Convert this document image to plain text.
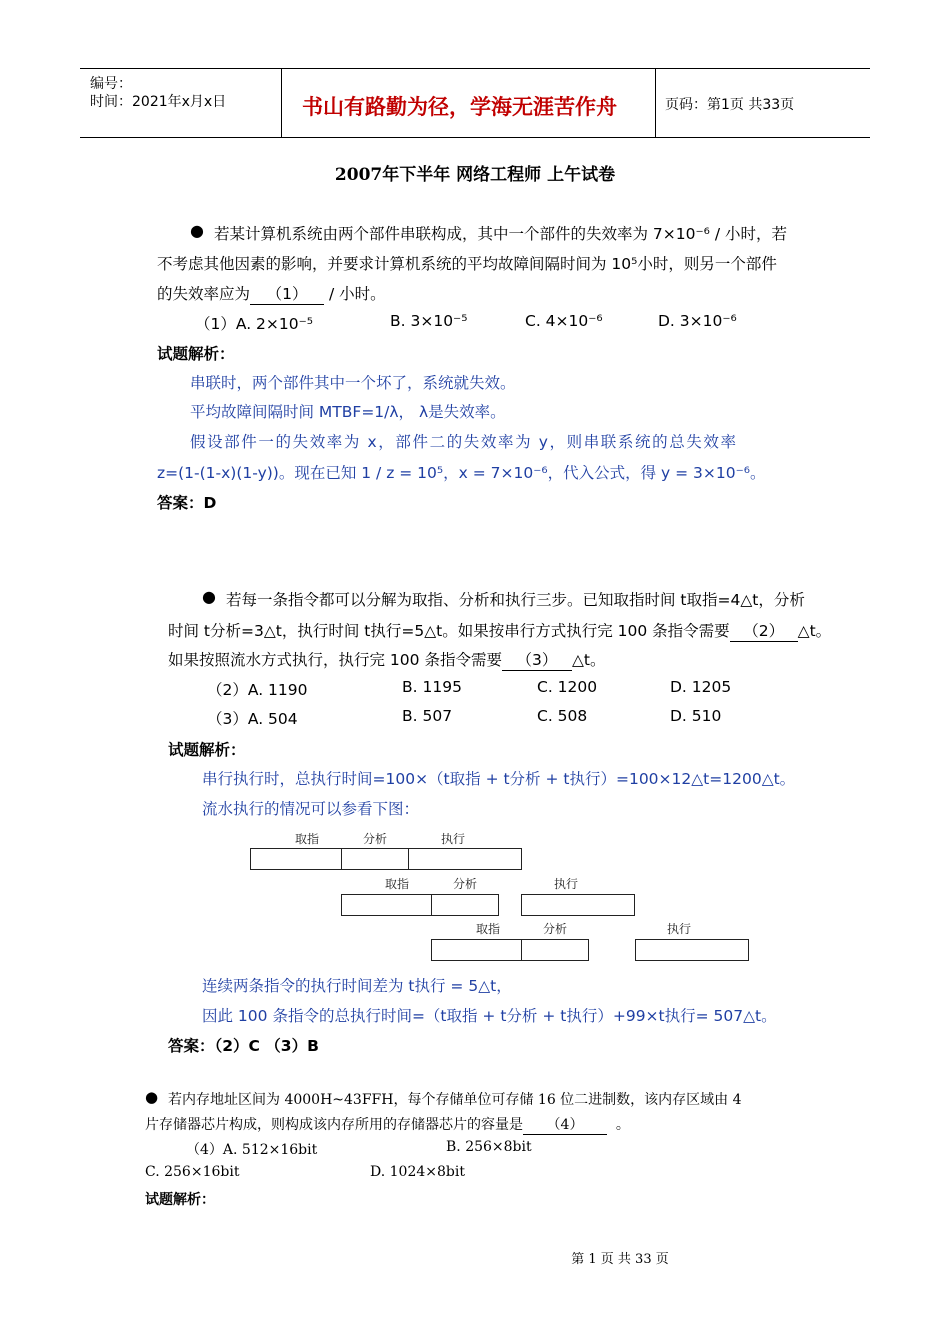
编号：
时间：2021年x月x日	书山有路勤为径，学海无涯苦作舟	页码：第1页 共33页
2007年下半年 网络工程师 上午试卷
● 若某计算机系统由两个部件串联构成，其中一个部件的失效率为 7×10⁻⁶ / 小时，若
不考虑其他因素的影响，并要求计算机系统的平均故障间隔时间为 10⁵小时，则另一个部件
的失效率应为 （1） / 小时。
（1）A. 2×10⁻⁵	B. 3×10⁻⁵	C. 4×10⁻⁶	D. 3×10⁻⁶
试题解析：
串联时，两个部件其中一个坏了，系统就失效。
平均故障间隔时间 MTBF=1/λ， λ是失效率。
假设部件一的失效率为 x，部件二的失效率为 y，则串联系统的总失效率
z=(1-(1-x)(1-y))。现在已知 1 / z = 10⁵，x = 7×10⁻⁶，代入公式，得 y = 3×10⁻⁶。
答案：D
● 若每一条指令都可以分解为取指、分析和执行三步。已知取指时间 t取指=4△t，分析
时间 t分析=3△t，执行时间 t执行=5△t。如果按串行方式执行完 100 条指令需要 （2） △t。
如果按照流水方式执行，执行完 100 条指令需要 （3） △t。
（2）A. 1190	B. 1195	C. 1200	D. 1205
（3）A. 504	B. 507	C. 508	D. 510
试题解析：
串行执行时，总执行时间=100×（t取指 + t分析 + t执行）=100×12△t=1200△t。
流水执行的情况可以参看下图：
取指	分析	执行
取指	分析	执行
取指	分析	执行
连续两条指令的执行时间差为 t执行 = 5△t，
因此 100 条指令的总执行时间=（t取指 + t分析 + t执行）+99×t执行= 507△t。
答案：（2）C （3）B
● 若内存地址区间为 4000H~43FFH，每个存储单位可存储 16 位二进制数，该内存区域由 4
片存储器芯片构成，则构成该内存所用的存储器芯片的容量是 （4） 。
（4）A. 512×16bit	B. 256×8bit
C. 256×16bit	D. 1024×8bit
试题解析：
第 1 页 共 33 页
